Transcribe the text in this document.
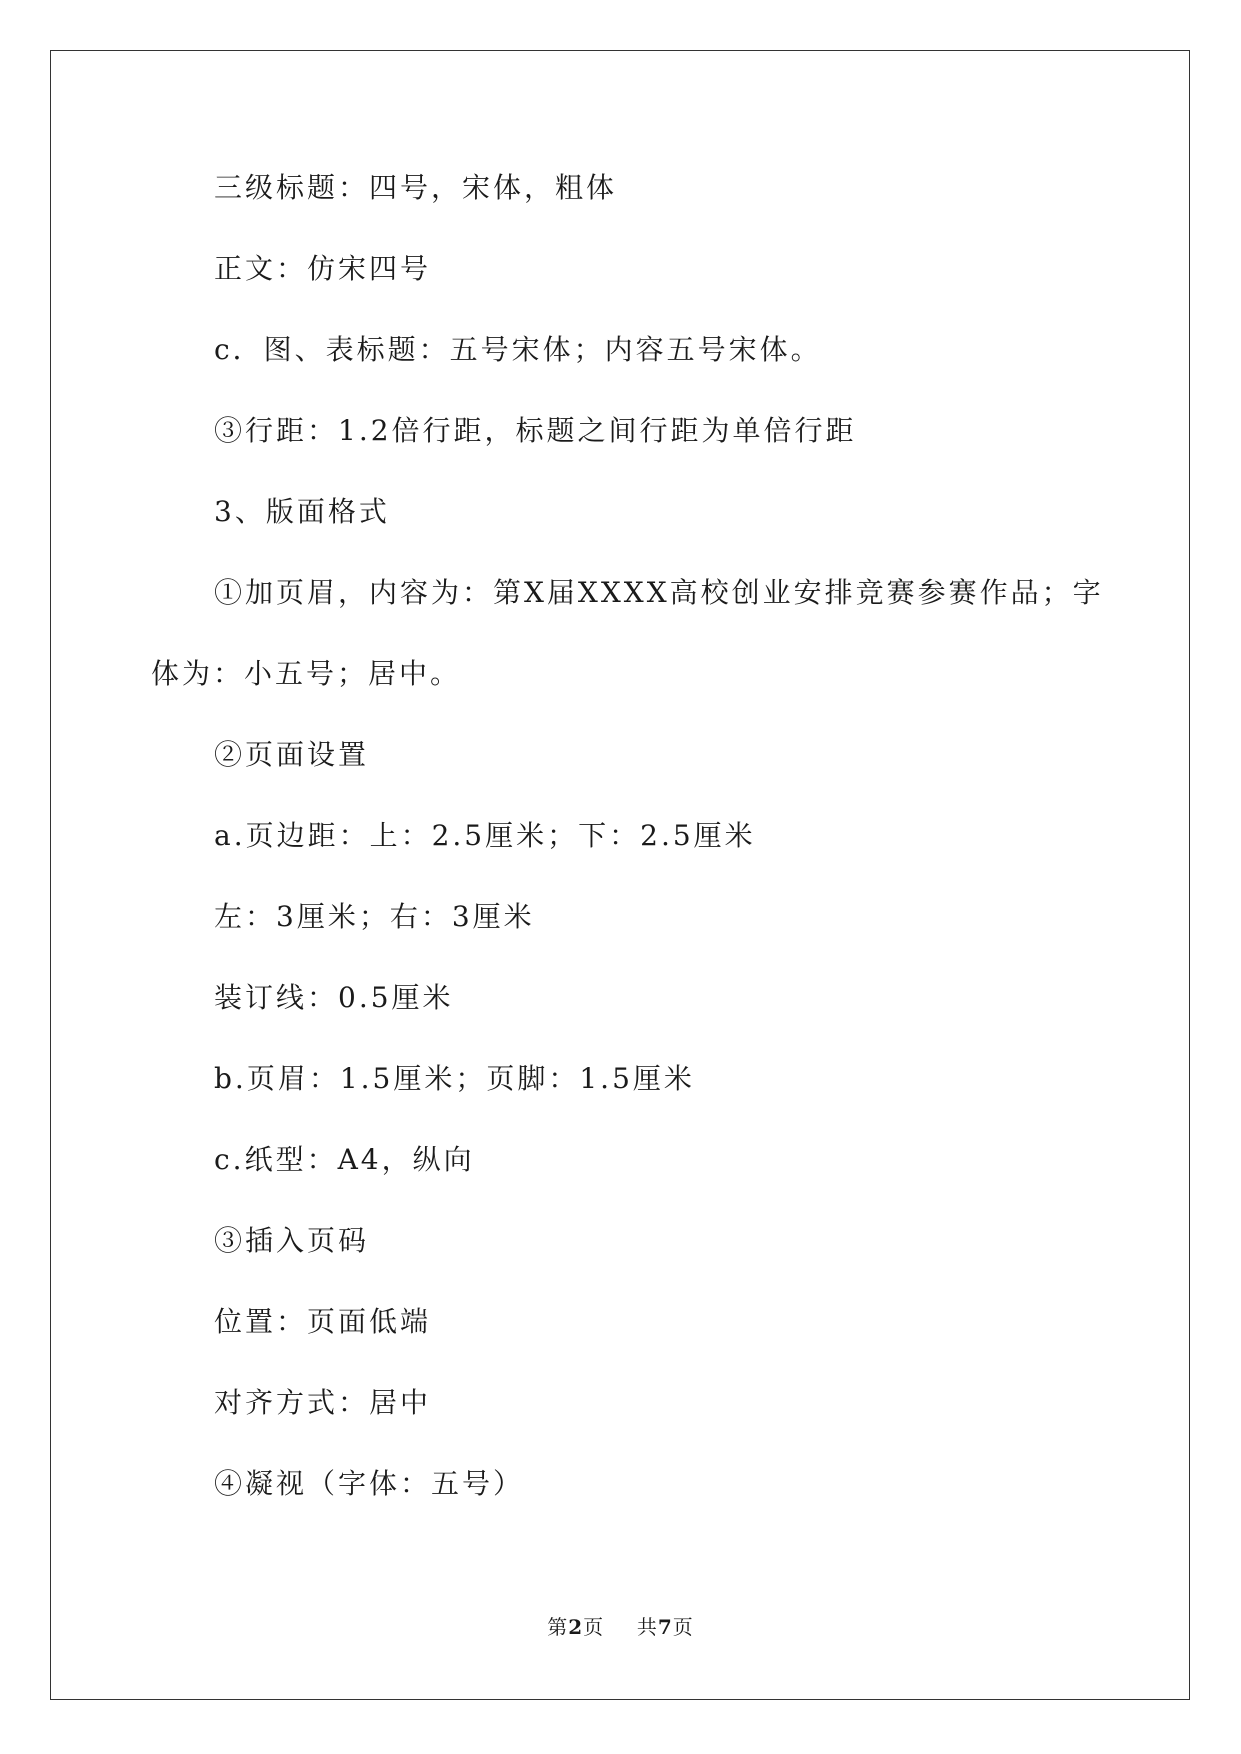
三级标题：四号，宋体，粗体

正文：仿宋四号

c．图、表标题：五号宋体；内容五号宋体。

③行距：1.2倍行距，标题之间行距为单倍行距

3、版面格式

①加页眉，内容为：第X届XXXX高校创业安排竞赛参赛作品；字

体为：小五号；居中。

②页面设置

a.页边距：上：2.5厘米；下：2.5厘米

左：3厘米；右：3厘米

装订线：0.5厘米

b.页眉：1.5厘米；页脚：1.5厘米

c.纸型：A4，纵向

③插入页码

位置：页面低端

对齐方式：居中

④凝视（字体：五号）

第2页 共7页
